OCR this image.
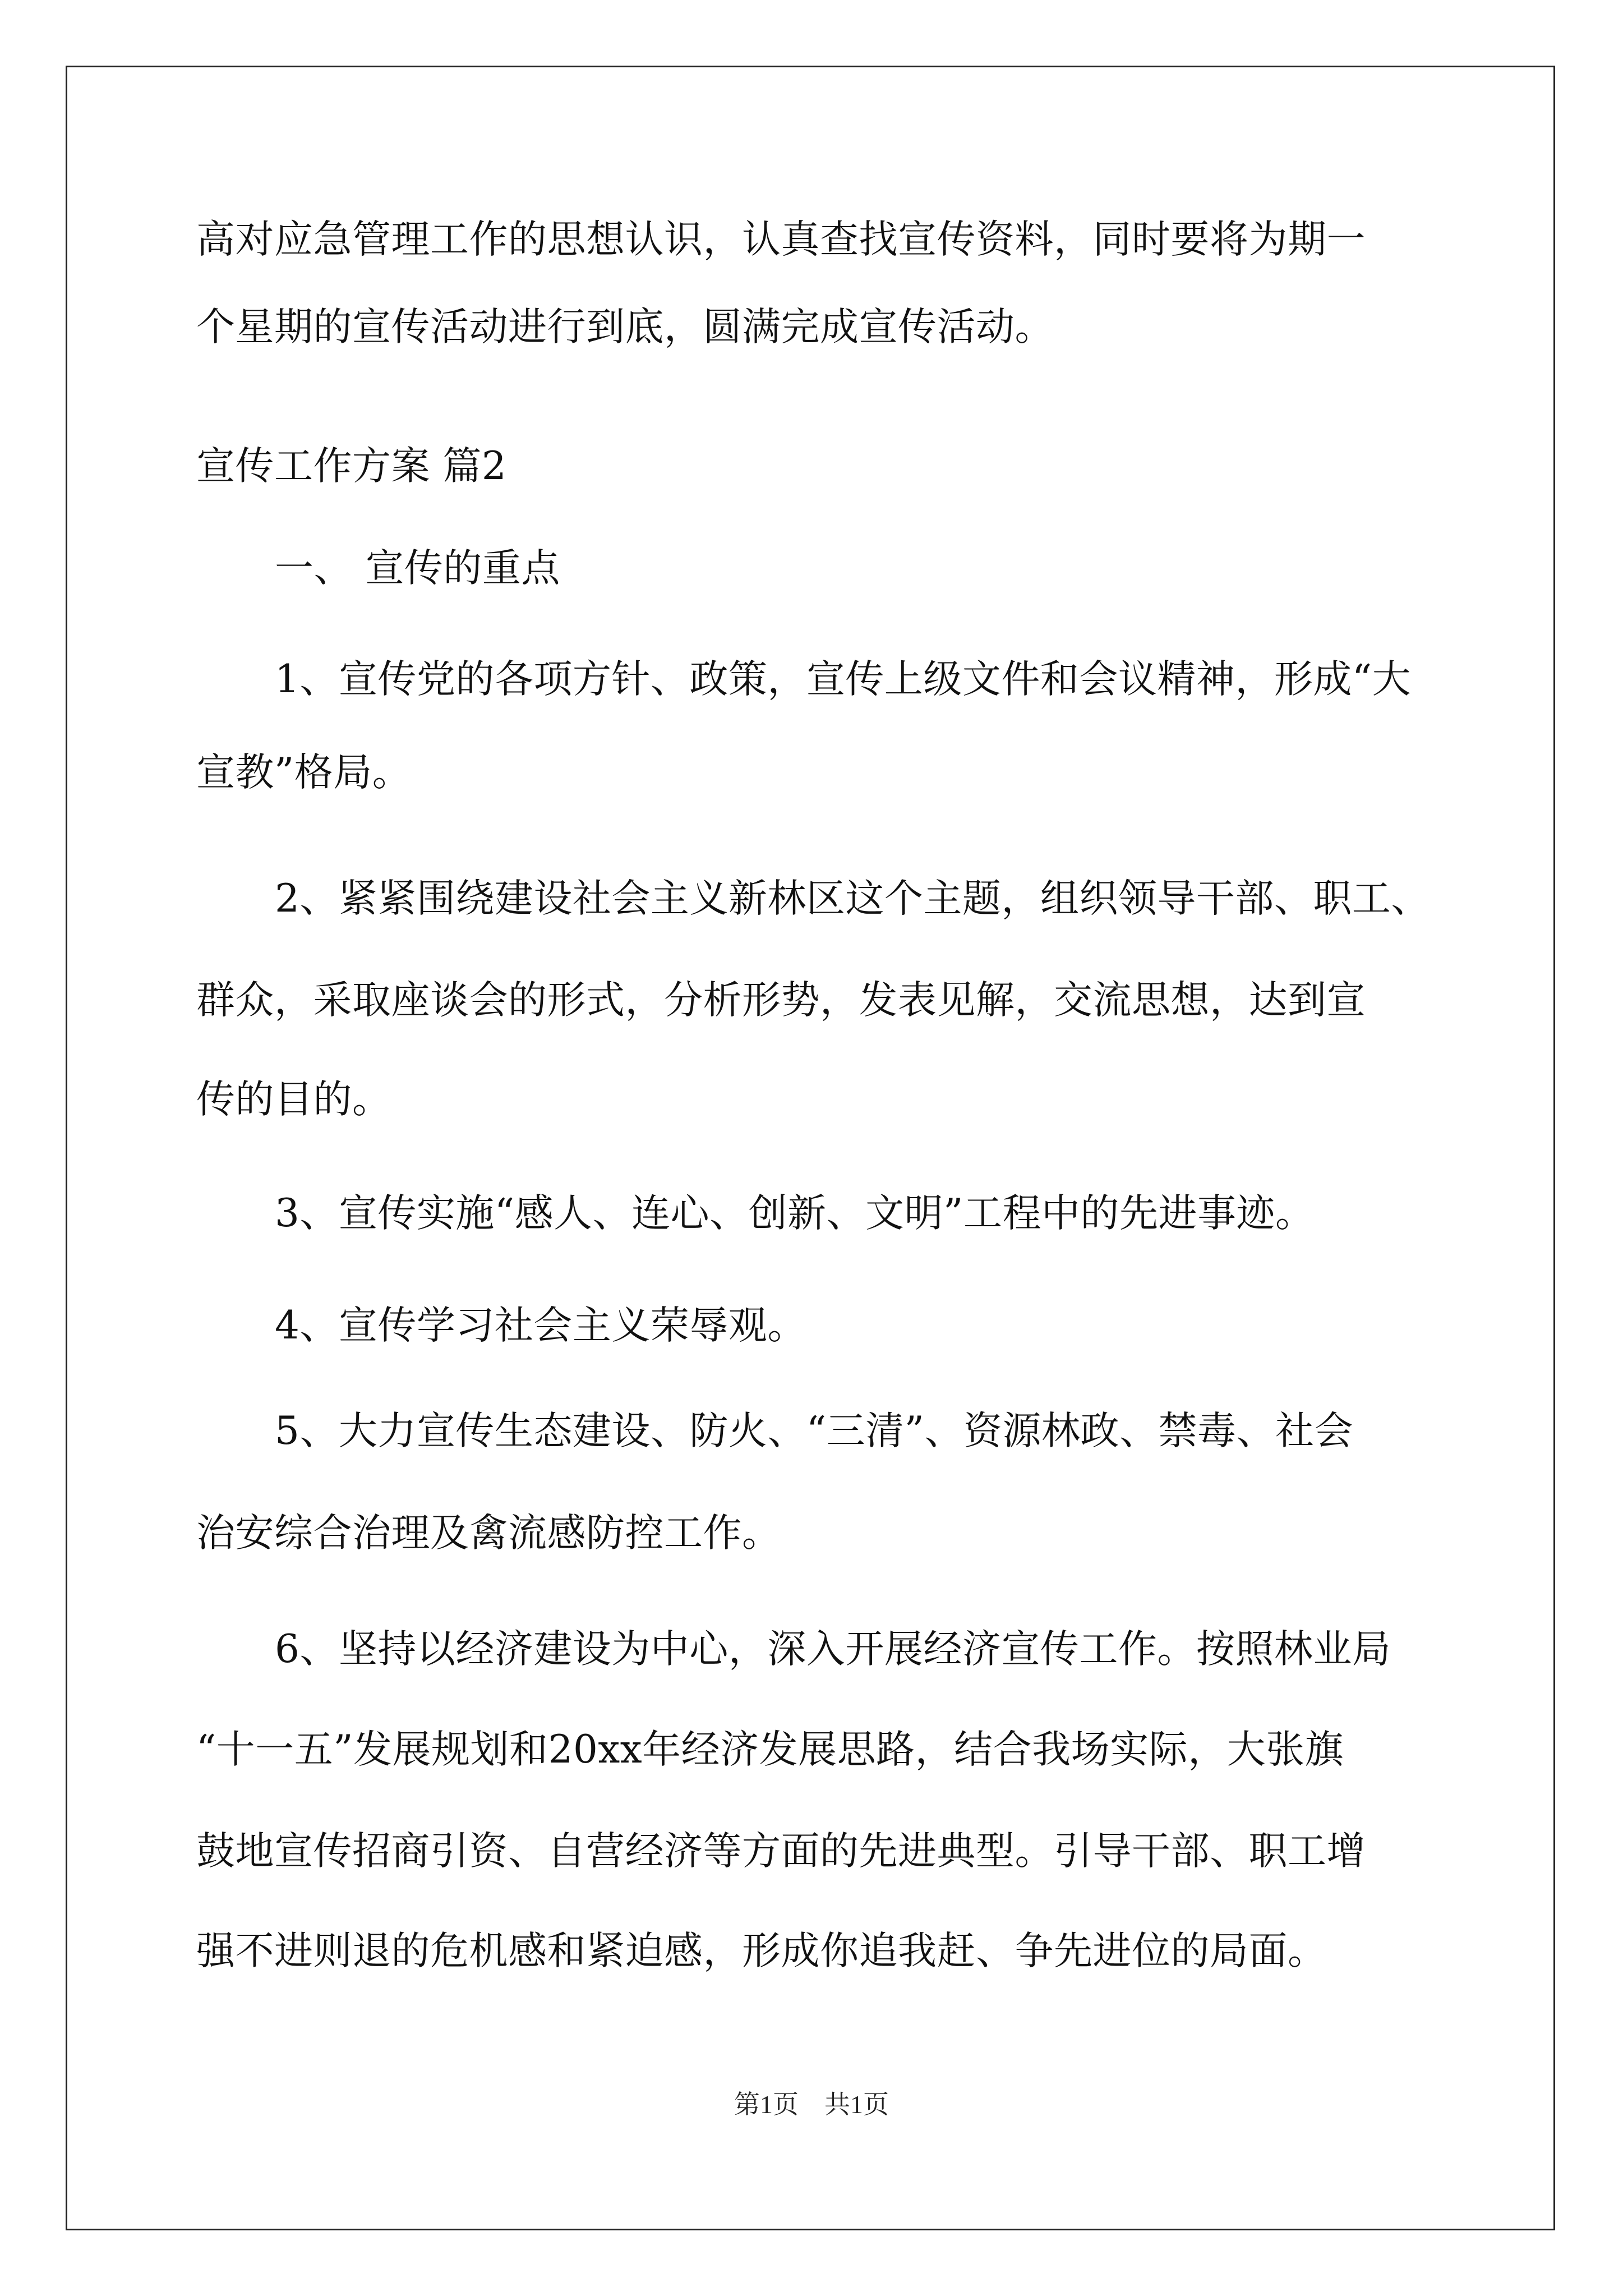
高对应急管理工作的思想认识，认真查找宣传资料，同时要将为期一

个星期的宣传活动进行到底，圆满完成宣传活动。

宣传工作方案 篇2

一、 宣传的重点

1、宣传党的各项方针、政策，宣传上级文件和会议精神，形成“大

宣教”格局。

2、紧紧围绕建设社会主义新林区这个主题，组织领导干部、职工、

群众，采取座谈会的形式，分析形势，发表见解，交流思想，达到宣

传的目的。

3、宣传实施“感人、连心、创新、文明”工程中的先进事迹。

4、宣传学习社会主义荣辱观。

5、大力宣传生态建设、防火、“三清”、资源林政、禁毒、社会

治安综合治理及禽流感防控工作。

6、坚持以经济建设为中心，深入开展经济宣传工作。按照林业局

“十一五”发展规划和20xx年经济发展思路，结合我场实际，大张旗

鼓地宣传招商引资、自营经济等方面的先进典型。引导干部、职工增

强不进则退的危机感和紧迫感，形成你追我赶、争先进位的局面。

第1页　共1页
